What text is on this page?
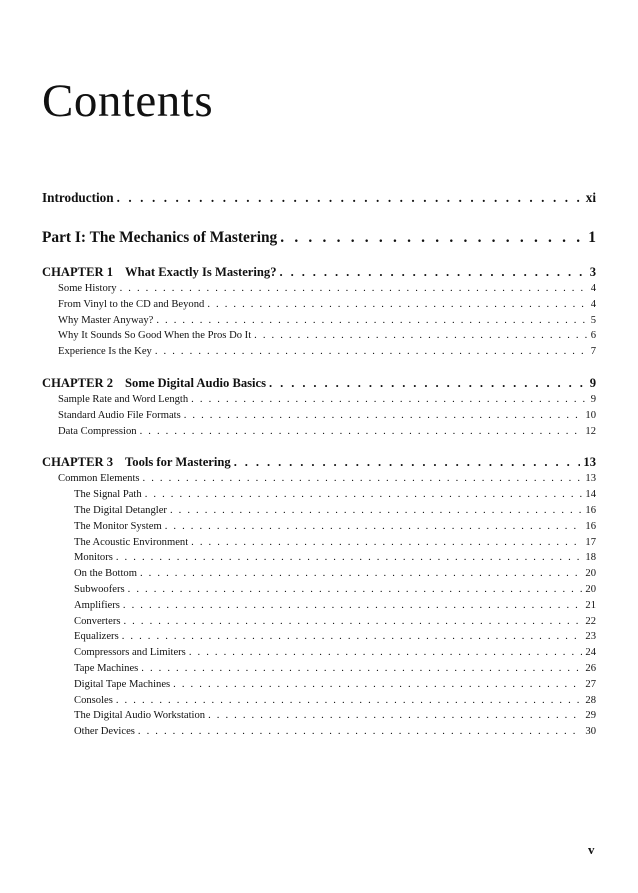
Contents
Introduction . . .	xi
Part I: The Mechanics of Mastering . . .	1
CHAPTER 1 What Exactly Is Mastering? . . .	3
Some History . . .	4
From Vinyl to the CD and Beyond . . .	4
Why Master Anyway? . . .	5
Why It Sounds So Good When the Pros Do It . . .	6
Experience Is the Key . . .	7
CHAPTER 2 Some Digital Audio Basics . . .	9
Sample Rate and Word Length . . .	9
Standard Audio File Formats . . .	10
Data Compression . . .	12
CHAPTER 3 Tools for Mastering . . .	13
Common Elements . . .	13
The Signal Path . . .	14
The Digital Detangler . . .	16
The Monitor System . . .	16
The Acoustic Environment . . .	17
Monitors . . .	18
On the Bottom . . .	20
Subwoofers . . .	20
Amplifiers . . .	21
Converters . . .	22
Equalizers . . .	23
Compressors and Limiters . . .	24
Tape Machines . . .	26
Digital Tape Machines . . .	27
Consoles . . .	28
The Digital Audio Workstation . . .	29
Other Devices . . .	30
v
